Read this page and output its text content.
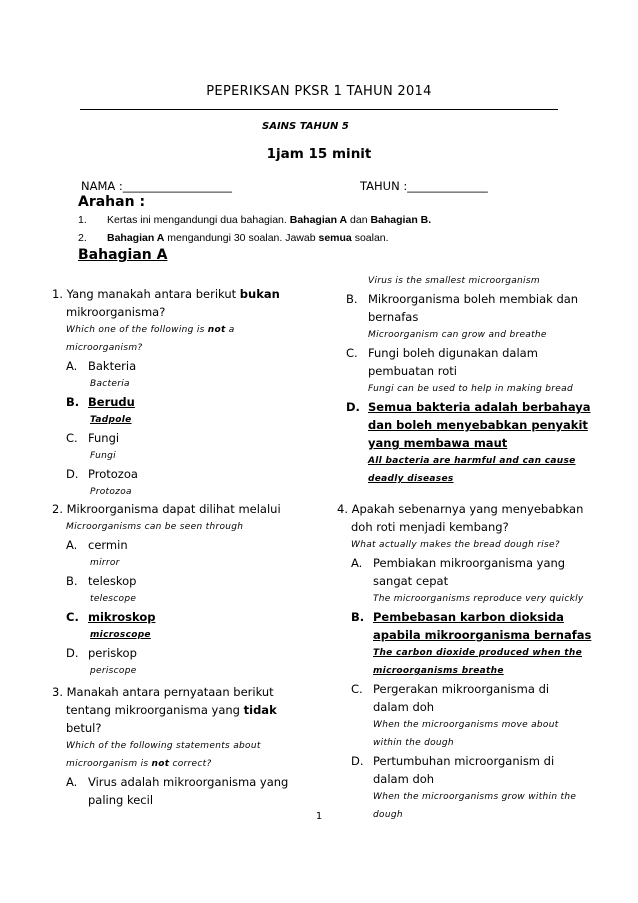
PEPERIKSAN PKSR 1 TAHUN 2014
SAINS TAHUN 5
1jam 15 minit
NAMA :___________________	TAHUN :______________
Arahan :
1. Kertas ini mengandungi dua bahagian. Bahagian A dan Bahagian B.
2. Bahagian A mengandungi 30 soalan. Jawab semua soalan.
Bahagian A
1. Yang manakah antara berikut bukan
mikroorganisma?
Which one of the following is not a
microorganism?
A. Bakteria
Bacteria
B. Berudu
Tadpole
C. Fungi
Fungi
D. Protozoa
Protozoa
2. Mikroorganisma dapat dilihat melalui
Microorganisms can be seen through
A. cermin
mirror
B. teleskop
telescope
C. mikroskop
microscope
D. periskop
periscope
3. Manakah antara pernyataan berikut
tentang mikroorganisma yang tidak
betul?
Which of the following statements about
microorganism is not correct?
A. Virus adalah mikroorganisma yang
paling kecil
Virus is the smallest microorganism
B. Mikroorganisma boleh membiak dan
bernafas
Microorganism can grow and breathe
C. Fungi boleh digunakan dalam
pembuatan roti
Fungi can be used to help in making bread
D. Semua bakteria adalah berbahaya
dan boleh menyebabkan penyakit
yang membawa maut
All bacteria are harmful and can cause
deadly diseases
4. Apakah sebenarnya yang menyebabkan
doh roti menjadi kembang?
What actually makes the bread dough rise?
A. Pembiakan mikroorganisma yang
sangat cepat
The microorganisms reproduce very quickly
B. Pembebasan karbon dioksida
apabila mikroorganisma bernafas
The carbon dioxide produced when the
microorganisms breathe
C. Pergerakan mikroorganisma di
dalam doh
When the microorganisms move about
within the dough
D. Pertumbuhan microorganism di
dalam doh
When the microorganisms grow within the
dough
1
